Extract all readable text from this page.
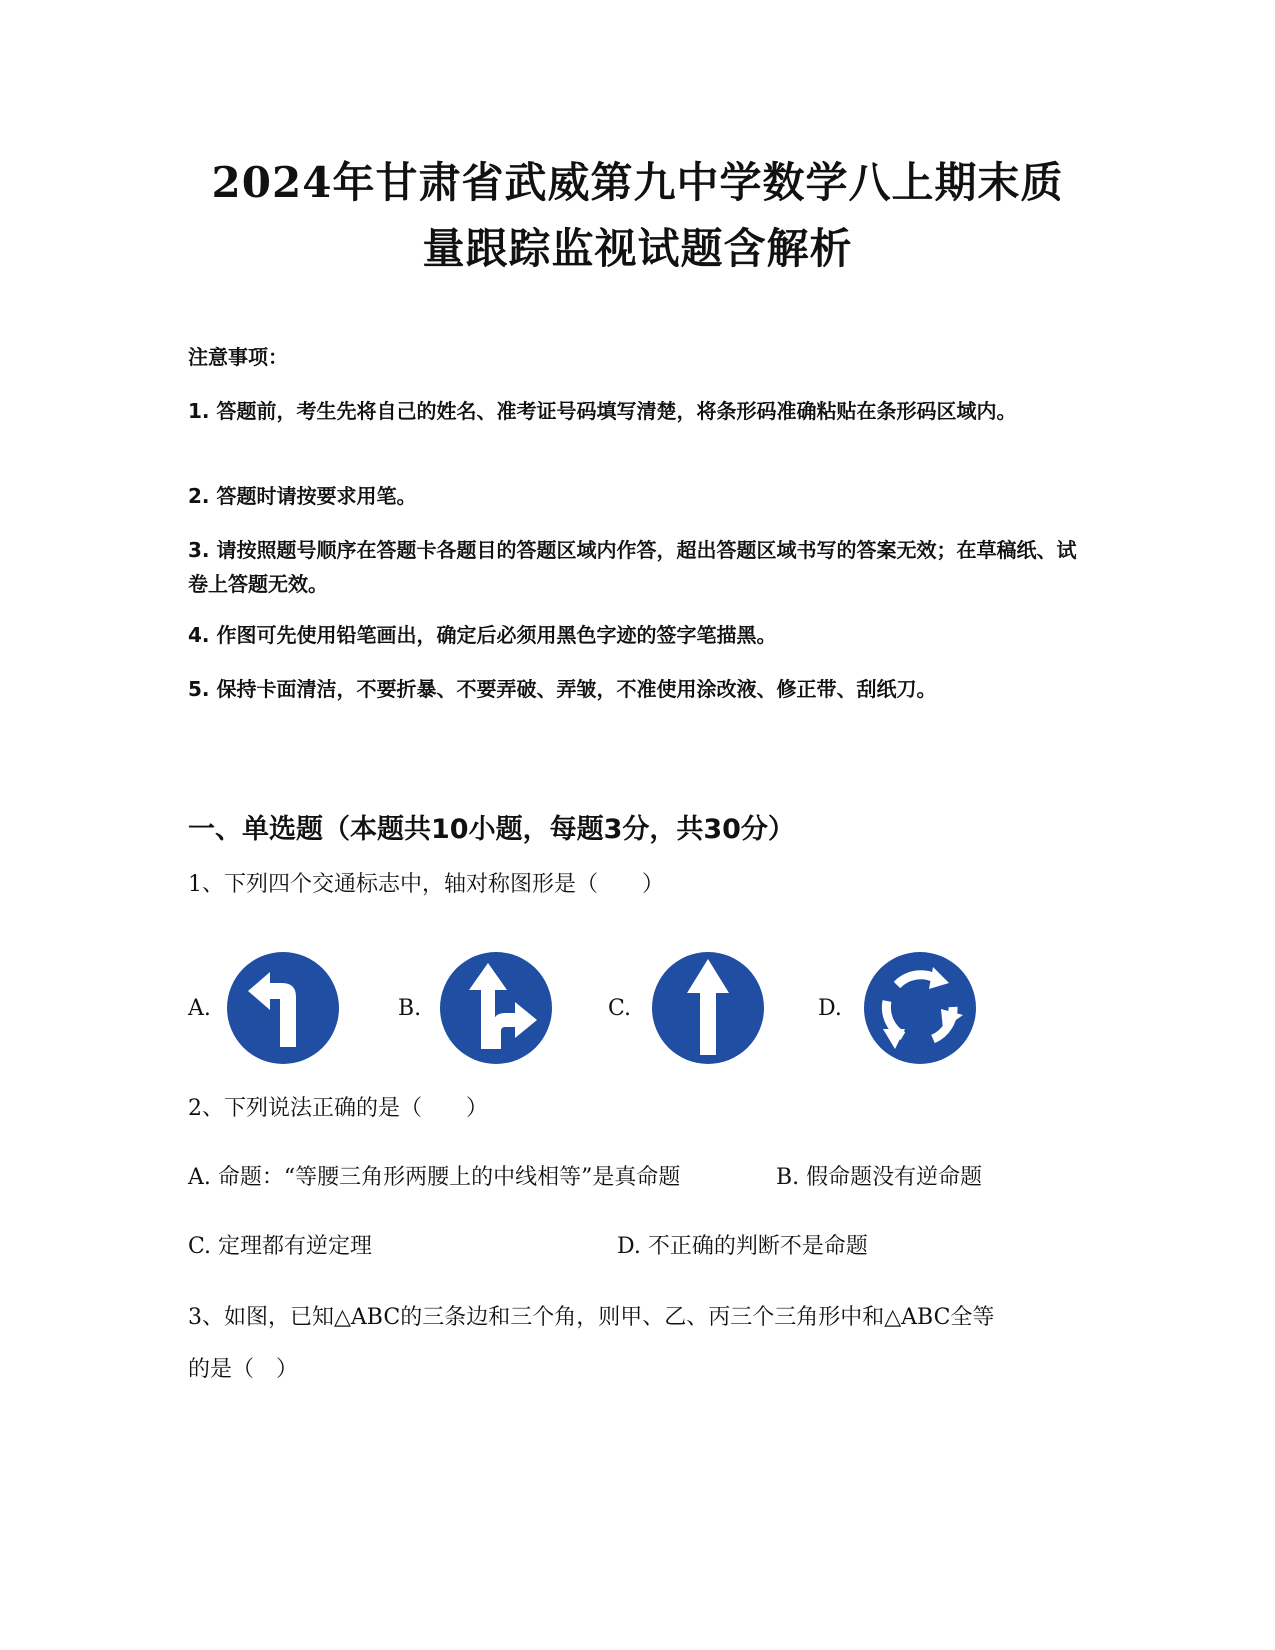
2024年甘肃省武威第九中学数学八上期末质
量跟踪监视试题含解析

注意事项：

1. 答题前，考生先将自己的姓名、准考证号码填写清楚，将条形码准确粘贴在条形码区域内。

2. 答题时请按要求用笔。

3. 请按照题号顺序在答题卡各题目的答题区域内作答，超出答题区域书写的答案无效；在草稿纸、试卷上答题无效。

4. 作图可先使用铅笔画出，确定后必须用黑色字迹的签字笔描黑。

5. 保持卡面清洁，不要折暴、不要弄破、弄皱，不准使用涂改液、修正带、刮纸刀。

一、单选题（本题共10小题，每题3分，共30分）
1、下列四个交通标志中，轴对称图形是（　　）
A.	B.	C.	D.
2、下列说法正确的是（　　）
A. 命题：“等腰三角形两腰上的中线相等”是真命题	B. 假命题没有逆命题
C. 定理都有逆定理	D. 不正确的判断不是命题
3、如图，已知△ABC的三条边和三个角，则甲、乙、丙三个三角形中和△ABC全等
的是（　）
